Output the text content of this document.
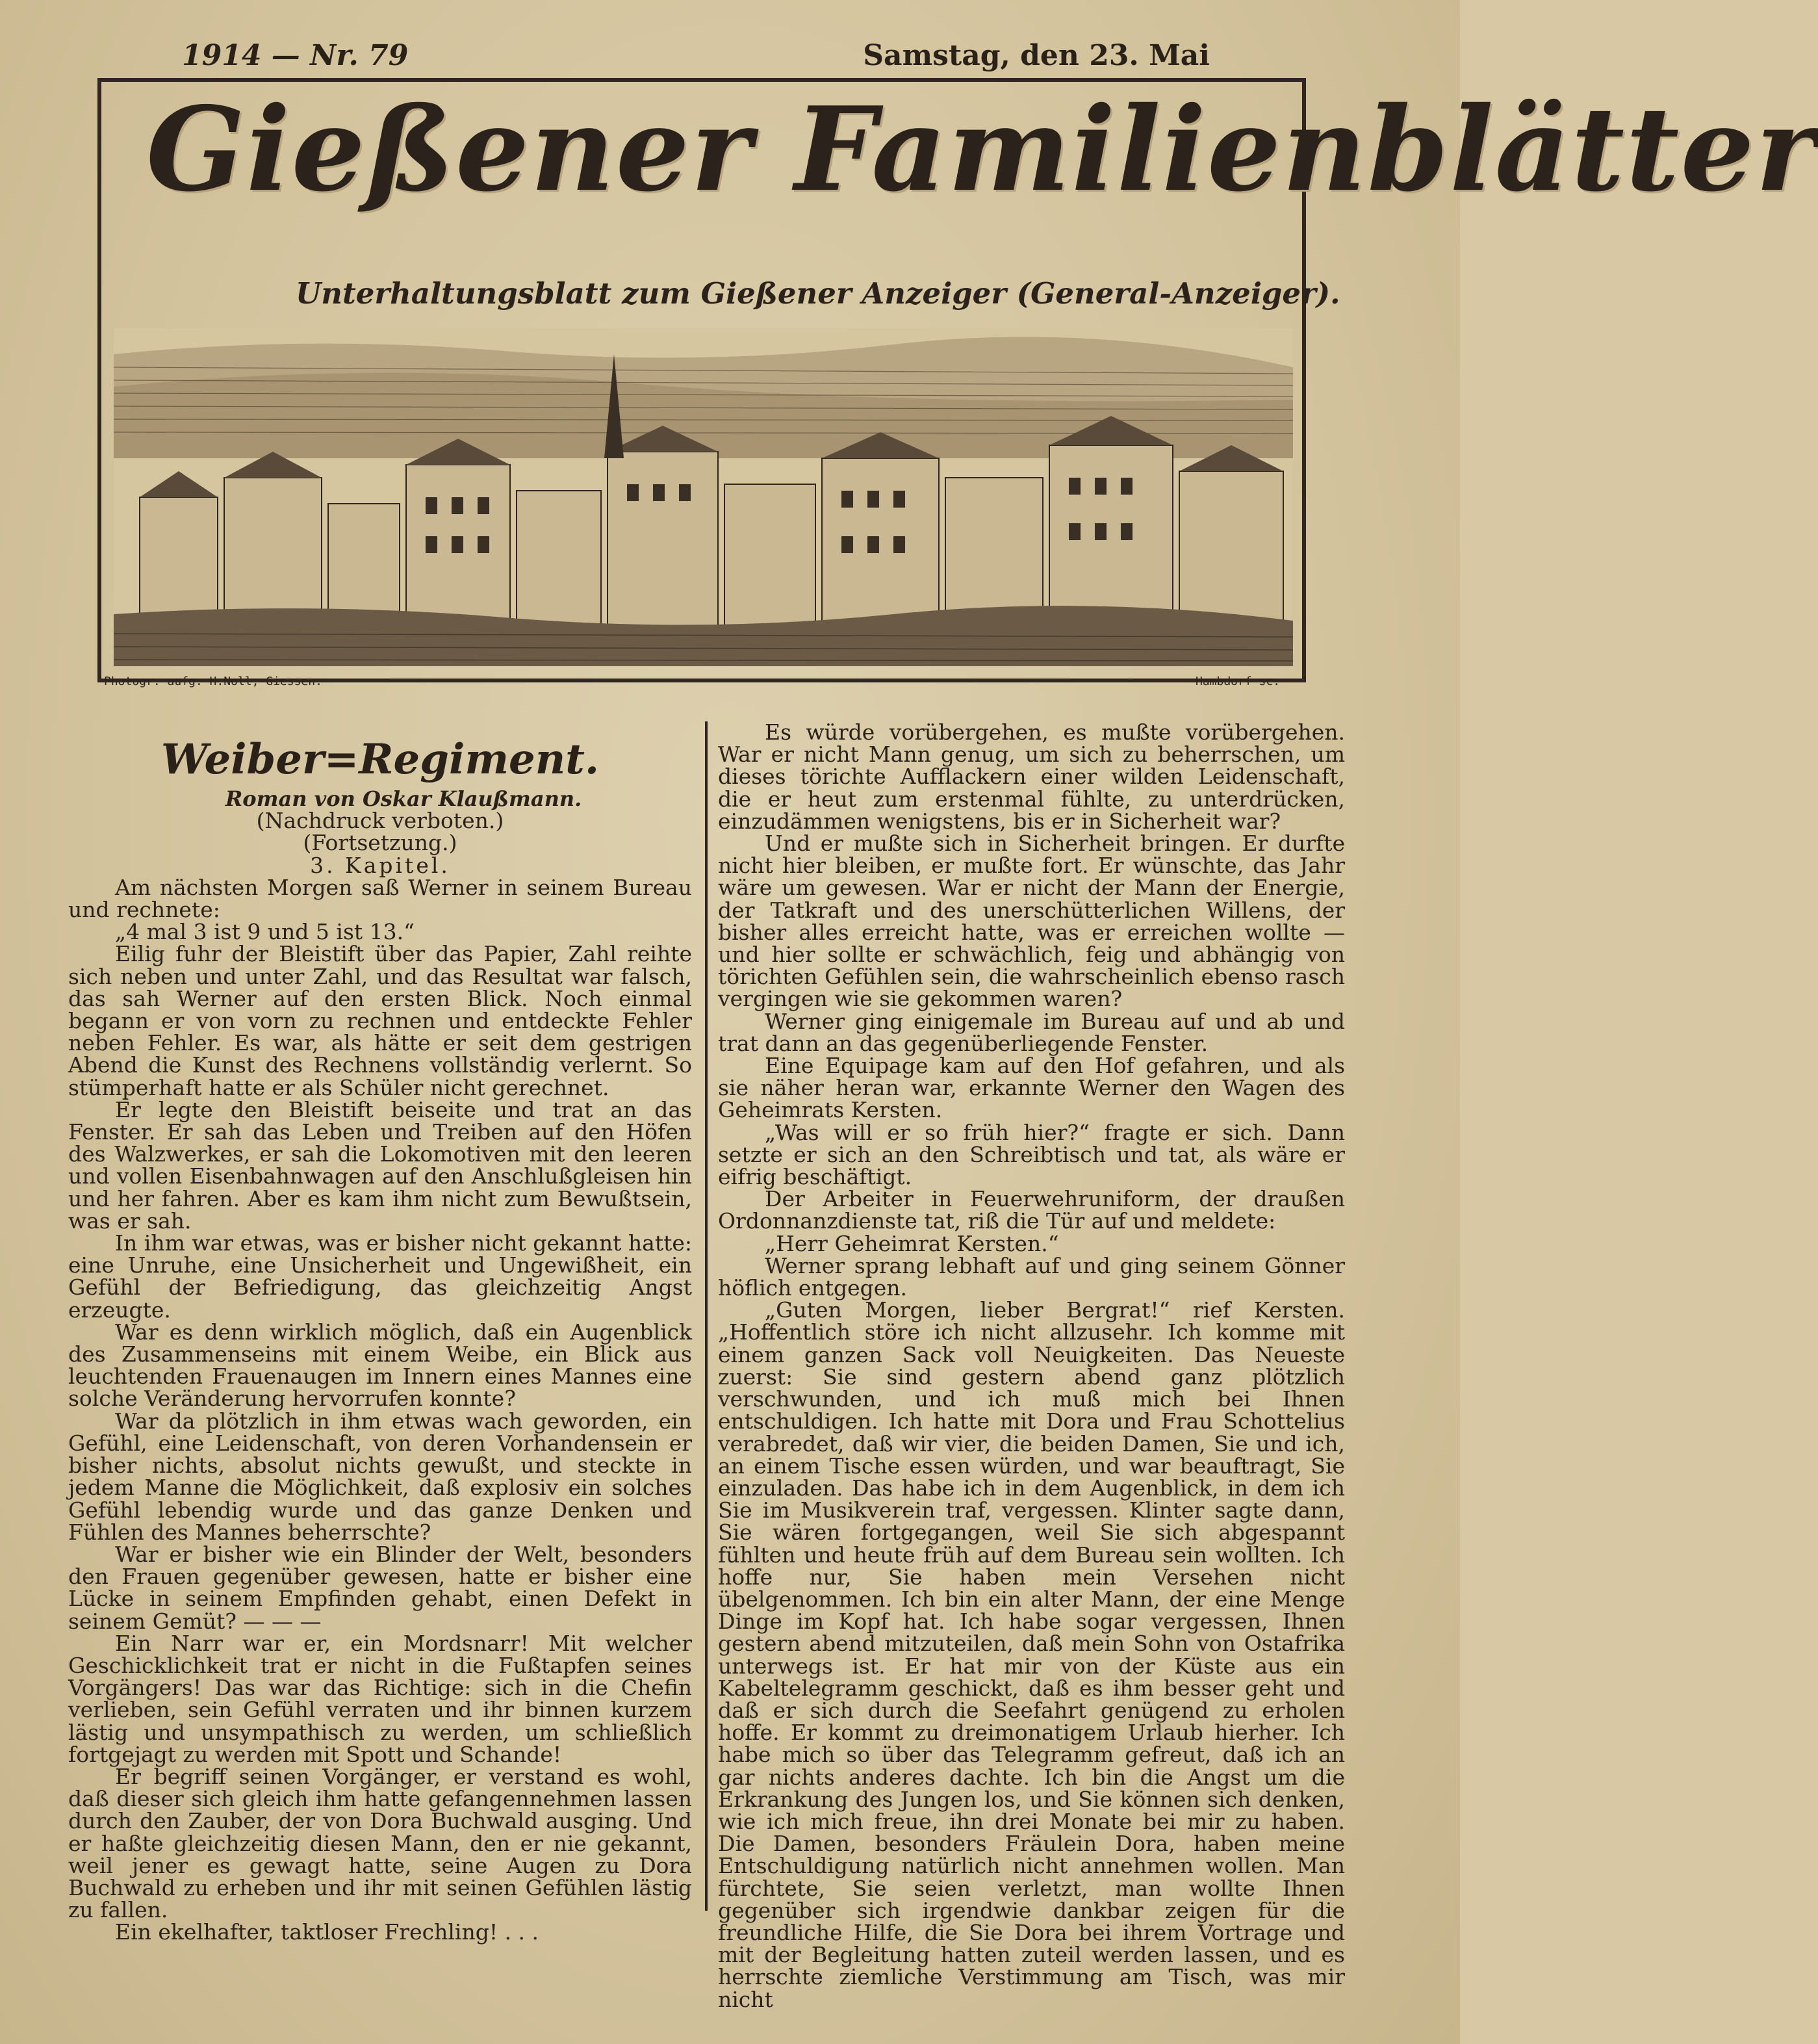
1914 — Nr. 79	Samstag, den 23. Mai
Gießener Familienblätter
Unterhaltungsblatt zum Gießener Anzeiger (General-Anzeiger).
Photogr. aufg. H.Noll, Giessen.	Hambdorf sc.
Weiber=Regiment.

Roman von Oskar Klaußmann.

(Nachdruck verboten.)

(Fortsetzung.)

3. Kapitel.

Am nächsten Morgen saß Werner in seinem Bureau und rechnete:

„4 mal 3 ist 9 und 5 ist 13.“

Eilig fuhr der Bleistift über das Papier, Zahl reihte sich neben und unter Zahl, und das Resultat war falsch, das sah Werner auf den ersten Blick. Noch einmal begann er von vorn zu rechnen und entdeckte Fehler neben Fehler. Es war, als hätte er seit dem gestrigen Abend die Kunst des Rechnens vollständig verlernt. So stümperhaft hatte er als Schüler nicht gerechnet.

Er legte den Bleistift beiseite und trat an das Fenster. Er sah das Leben und Treiben auf den Höfen des Walzwerkes, er sah die Lokomotiven mit den leeren und vollen Eisenbahnwagen auf den Anschlußgleisen hin und her fahren. Aber es kam ihm nicht zum Bewußtsein, was er sah.

In ihm war etwas, was er bisher nicht gekannt hatte: eine Unruhe, eine Unsicherheit und Ungewißheit, ein Gefühl der Befriedigung, das gleichzeitig Angst erzeugte.

War es denn wirklich möglich, daß ein Augenblick des Zusammenseins mit einem Weibe, ein Blick aus leuchtenden Frauenaugen im Innern eines Mannes eine solche Veränderung hervorrufen konnte?

War da plötzlich in ihm etwas wach geworden, ein Gefühl, eine Leidenschaft, von deren Vorhandensein er bisher nichts, absolut nichts gewußt, und steckte in jedem Manne die Möglichkeit, daß explosiv ein solches Gefühl lebendig wurde und das ganze Denken und Fühlen des Mannes beherrschte?

War er bisher wie ein Blinder der Welt, besonders den Frauen gegenüber gewesen, hatte er bisher eine Lücke in seinem Empfinden gehabt, einen Defekt in seinem Gemüt? — — —

Ein Narr war er, ein Mordsnarr! Mit welcher Geschicklichkeit trat er nicht in die Fußtapfen seines Vorgängers! Das war das Richtige: sich in die Chefin verlieben, sein Gefühl verraten und ihr binnen kurzem lästig und unsympathisch zu werden, um schließlich fortgejagt zu werden mit Spott und Schande!

Er begriff seinen Vorgänger, er verstand es wohl, daß dieser sich gleich ihm hatte gefangennehmen lassen durch den Zauber, der von Dora Buchwald ausging. Und er haßte gleichzeitig diesen Mann, den er nie gekannt, weil jener es gewagt hatte, seine Augen zu Dora Buchwald zu erheben und ihr mit seinen Gefühlen lästig zu fallen.

Ein ekelhafter, taktloser Frechling! . . .

Es würde vorübergehen, es mußte vorübergehen. War er nicht Mann genug, um sich zu beherrschen, um dieses törichte Aufflackern einer wilden Leidenschaft, die er heut zum erstenmal fühlte, zu unterdrücken, einzudämmen wenigstens, bis er in Sicherheit war?

Und er mußte sich in Sicherheit bringen. Er durfte nicht hier bleiben, er mußte fort. Er wünschte, das Jahr wäre um gewesen. War er nicht der Mann der Energie, der Tatkraft und des unerschütterlichen Willens, der bisher alles erreicht hatte, was er erreichen wollte — und hier sollte er schwächlich, feig und abhängig von törichten Gefühlen sein, die wahrscheinlich ebenso rasch vergingen wie sie gekommen waren?

Werner ging einigemale im Bureau auf und ab und trat dann an das gegenüberliegende Fenster.

Eine Equipage kam auf den Hof gefahren, und als sie näher heran war, erkannte Werner den Wagen des Geheimrats Kersten.

„Was will er so früh hier?“ fragte er sich. Dann setzte er sich an den Schreibtisch und tat, als wäre er eifrig beschäftigt.

Der Arbeiter in Feuerwehruniform, der draußen Ordonnanzdienste tat, riß die Tür auf und meldete:

„Herr Geheimrat Kersten.“

Werner sprang lebhaft auf und ging seinem Gönner höflich entgegen.

„Guten Morgen, lieber Bergrat!“ rief Kersten. „Hoffentlich störe ich nicht allzusehr. Ich komme mit einem ganzen Sack voll Neuigkeiten. Das Neueste zuerst: Sie sind gestern abend ganz plötzlich verschwunden, und ich muß mich bei Ihnen entschuldigen. Ich hatte mit Dora und Frau Schottelius verabredet, daß wir vier, die beiden Damen, Sie und ich, an einem Tische essen würden, und war beauftragt, Sie einzuladen. Das habe ich in dem Augenblick, in dem ich Sie im Musikverein traf, vergessen. Klinter sagte dann, Sie wären fortgegangen, weil Sie sich abgespannt fühlten und heute früh auf dem Bureau sein wollten. Ich hoffe nur, Sie haben mein Versehen nicht übelgenommen. Ich bin ein alter Mann, der eine Menge Dinge im Kopf hat. Ich habe sogar vergessen, Ihnen gestern abend mitzuteilen, daß mein Sohn von Ostafrika unterwegs ist. Er hat mir von der Küste aus ein Kabeltelegramm geschickt, daß es ihm besser geht und daß er sich durch die Seefahrt genügend zu erholen hoffe. Er kommt zu dreimonatigem Urlaub hierher. Ich habe mich so über das Telegramm gefreut, daß ich an gar nichts anderes dachte. Ich bin die Angst um die Erkrankung des Jungen los, und Sie können sich denken, wie ich mich freue, ihn drei Monate bei mir zu haben. Die Damen, besonders Fräulein Dora, haben meine Entschuldigung natürlich nicht annehmen wollen. Man fürchtete, Sie seien verletzt, man wollte Ihnen gegenüber sich irgendwie dankbar zeigen für die freundliche Hilfe, die Sie Dora bei ihrem Vortrage und mit der Begleitung hatten zuteil werden lassen, und es herrschte ziemliche Verstimmung am Tisch, was mir nicht
